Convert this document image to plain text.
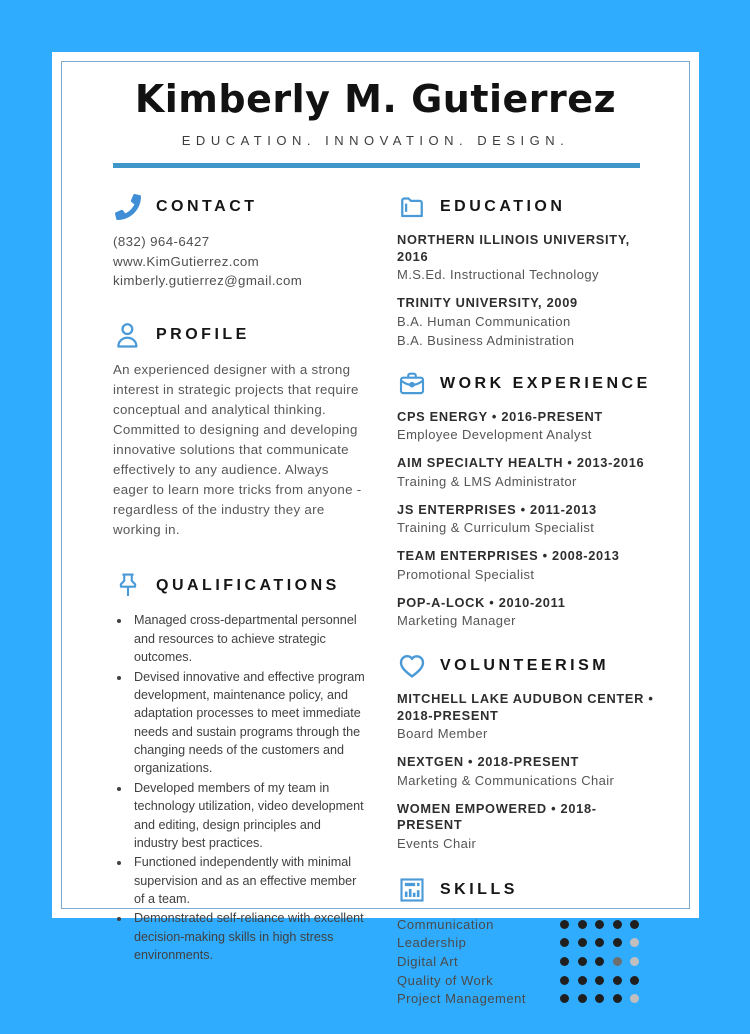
Kimberly M. Gutierrez
EDUCATION. INNOVATION. DESIGN.
CONTACT
(832) 964-6427
www.KimGutierrez.com
kimberly.gutierrez@gmail.com
PROFILE

An experienced designer with a strong interest in strategic projects that require conceptual and analytical thinking. Committed to designing and developing innovative solutions that communicate effectively to any audience. Always eager to learn more tricks from anyone - regardless of the industry they are working in.

QUALIFICATIONS
• Managed cross-departmental personnel and resources to achieve strategic outcomes.
• Devised innovative and effective program development, maintenance policy, and adaptation processes to meet immediate needs and sustain programs through the changing needs of the customers and organizations.
• Developed members of my team in technology utilization, video development and editing, design principles and industry best practices.
• Functioned independently with minimal supervision and as an effective member of a team.
• Demonstrated self-reliance with excellent decision-making skills in high stress environments.
EDUCATION
NORTHERN ILLINOIS UNIVERSITY, 2016
M.S.Ed. Instructional Technology
TRINITY UNIVERSITY, 2009
B.A. Human Communication
B.A. Business Administration
WORK EXPERIENCE
CPS ENERGY • 2016-PRESENT
Employee Development Analyst
AIM SPECIALTY HEALTH • 2013-2016
Training & LMS Administrator
JS ENTERPRISES • 2011-2013
Training & Curriculum Specialist
TEAM ENTERPRISES • 2008-2013
Promotional Specialist
POP-A-LOCK • 2010-2011
Marketing Manager
VOLUNTEERISM
MITCHELL LAKE AUDUBON CENTER • 2018-PRESENT
Board Member
NEXTGEN • 2018-PRESENT
Marketing & Communications Chair
WOMEN EMPOWERED • 2018-PRESENT
Events Chair
SKILLS
Communication
Leadership
Digital Art
Quality of Work
Project Management
